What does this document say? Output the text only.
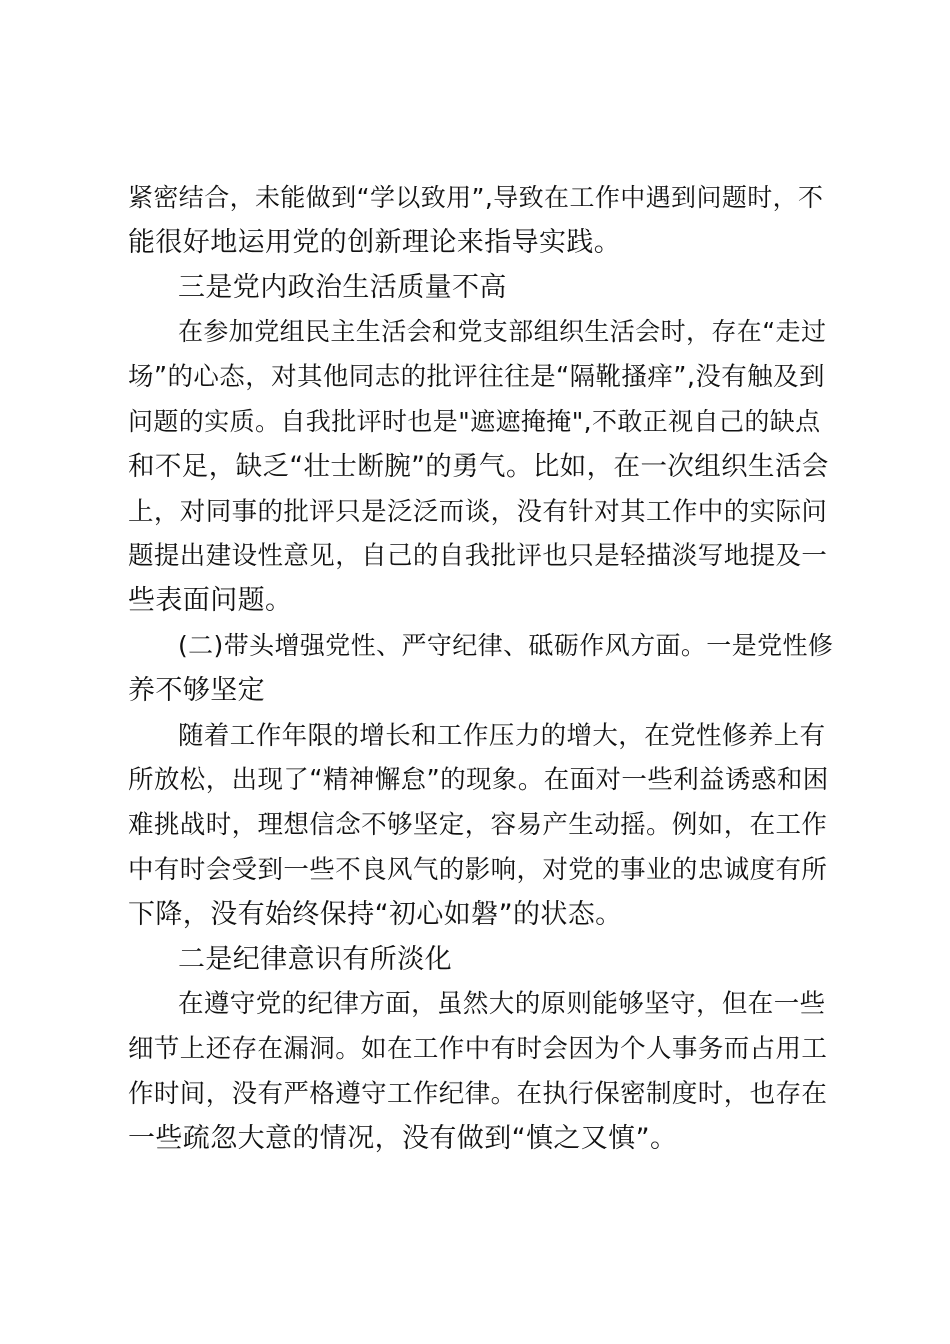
紧密结合，未能做到“学以致用”,导致在工作中遇到问题时，不
能很好地运用党的创新理论来指导实践。
三是党内政治生活质量不高
在参加党组民主生活会和党支部组织生活会时，存在“走过
场”的心态，对其他同志的批评往往是“隔靴搔痒”,没有触及到
问题的实质。自我批评时也是"遮遮掩掩",不敢正视自己的缺点
和不足，缺乏“壮士断腕”的勇气。比如，在一次组织生活会
上，对同事的批评只是泛泛而谈，没有针对其工作中的实际问
题提出建设性意见，自己的自我批评也只是轻描淡写地提及一
些表面问题。
(二)带头增强党性、严守纪律、砥砺作风方面。一是党性修
养不够坚定
随着工作年限的增长和工作压力的增大，在党性修养上有
所放松，出现了“精神懈怠”的现象。在面对一些利益诱惑和困
难挑战时，理想信念不够坚定，容易产生动摇。例如，在工作
中有时会受到一些不良风气的影响，对党的事业的忠诚度有所
下降，没有始终保持“初心如磐”的状态。
二是纪律意识有所淡化
在遵守党的纪律方面，虽然大的原则能够坚守，但在一些
细节上还存在漏洞。如在工作中有时会因为个人事务而占用工
作时间，没有严格遵守工作纪律。在执行保密制度时，也存在
一些疏忽大意的情况，没有做到“慎之又慎”。
